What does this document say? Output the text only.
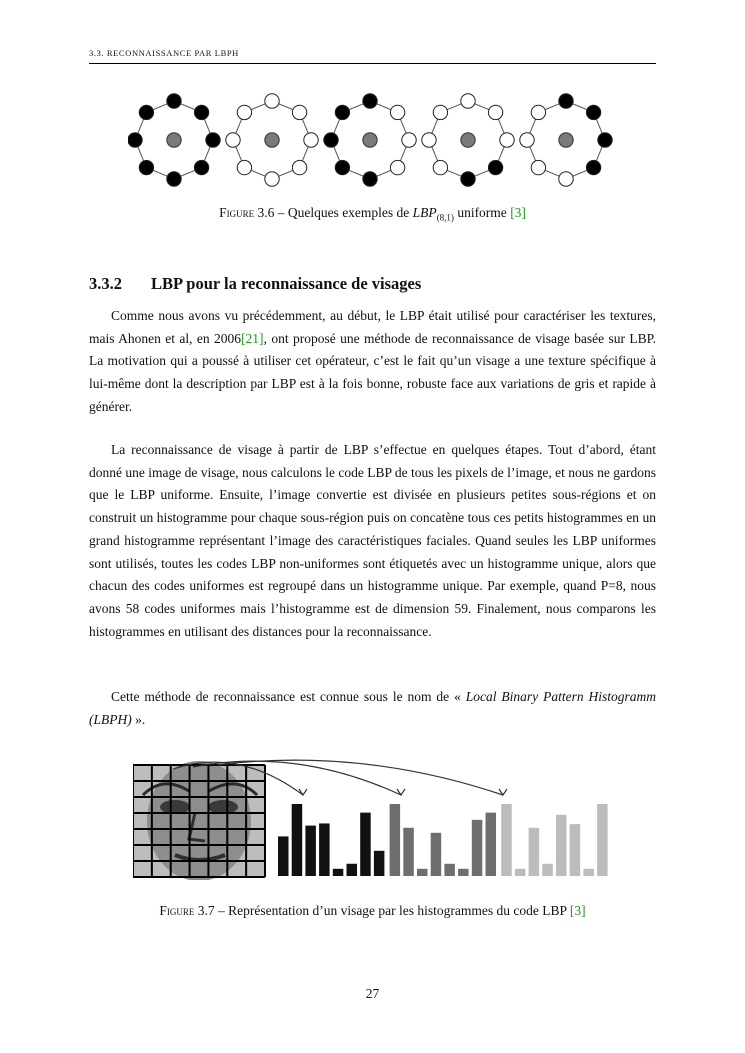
3.3. RECONNAISSANCE PAR LBPH
Figure 3.6 – Quelques exemples de $LBP_{(8,1)}$ uniforme [3]
3.3.2 LBP pour la reconnaissance de visages
Comme nous avons vu précédemment, au début, le LBP était utilisé pour caractériser les textures, mais Ahonen et al, en 2006[21], ont proposé une méthode de reconnaissance de visage basée sur LBP. La motivation qui a poussé à utiliser cet opérateur, c’est le fait qu’un visage a une texture spécifique à lui-même dont la description par LBP est à la fois bonne, robuste face aux variations de gris et rapide à générer.
La reconnaissance de visage à partir de LBP s’effectue en quelques étapes. Tout d’abord, étant donné une image de visage, nous calculons le code LBP de tous les pixels de l’image, et nous ne gardons que le LBP uniforme. Ensuite, l’image convertie est divisée en plusieurs petites sous-régions et on construit un histogramme pour chaque sous-région puis on concatène tous ces petits histogrammes en un grand histogramme représentant l’image des caractéristiques faciales. Quand seules les LBP uniformes sont utilisés, toutes les codes LBP non-uniformes sont étiquetés avec un histogramme unique, alors que chacun des codes uniformes est regroupé dans un histogramme unique. Par exemple, quand P=8, nous avons 58 codes uniformes mais l’histogramme est de dimension 59. Finalement, nous comparons les histogrammes en utilisant des distances pour la reconnaissance.
Cette méthode de reconnaissance est connue sous le nom de « Local Binary Pattern Histogramm (LBPH) ».
Figure 3.7 – Représentation d’un visage par les histogrammes du code LBP [3]
27
